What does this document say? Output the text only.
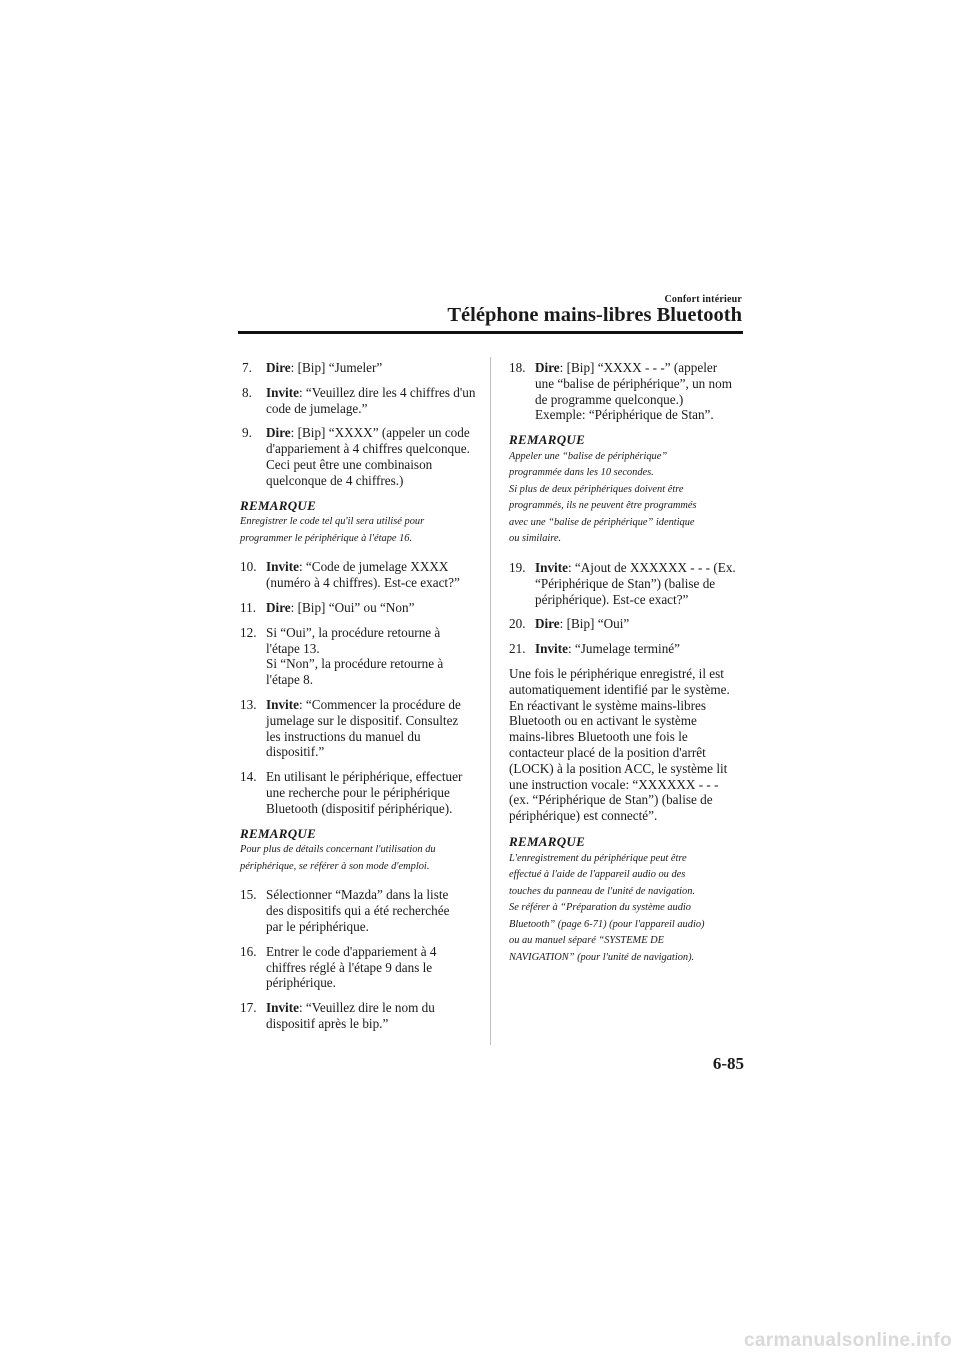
Confort intérieur
Téléphone mains-libres Bluetooth
7. Dire: [Bip] “Jumeler”
8. Invite: “Veuillez dire les 4 chiffres d'un
code de jumelage.”
9. Dire: [Bip] “XXXX” (appeler un code
d'appariement à 4 chiffres quelconque.
Ceci peut être une combinaison
quelconque de 4 chiffres.)
REMARQUE
Enregistrer le code tel qu'il sera utilisé pour
programmer le périphérique à l'étape 16.
10. Invite: “Code de jumelage XXXX
(numéro à 4 chiffres). Est-ce exact?”
11. Dire: [Bip] “Oui” ou “Non”
12. Si “Oui”, la procédure retourne à
l'étape 13.
Si “Non”, la procédure retourne à
l'étape 8.
13. Invite: “Commencer la procédure de
jumelage sur le dispositif. Consultez
les instructions du manuel du
dispositif.”
14. En utilisant le périphérique, effectuer
une recherche pour le périphérique
Bluetooth (dispositif périphérique).
REMARQUE
Pour plus de détails concernant l'utilisation du
périphérique, se référer à son mode d'emploi.
15. Sélectionner “Mazda” dans la liste
des dispositifs qui a été recherchée
par le périphérique.
16. Entrer le code d'appariement à 4
chiffres réglé à l'étape 9 dans le
périphérique.
17. Invite: “Veuillez dire le nom du
dispositif après le bip.”
18. Dire: [Bip] “XXXX - - -” (appeler
une “balise de périphérique”, un nom
de programme quelconque.)
Exemple: “Périphérique de Stan”.
REMARQUE
Appeler une “balise de périphérique”
programmée dans les 10 secondes.
Si plus de deux périphériques doivent être
programmés, ils ne peuvent être programmés
avec une “balise de périphérique” identique
ou similaire.
19. Invite: “Ajout de XXXXXX - - - (Ex.
“Périphérique de Stan”) (balise de
périphérique). Est-ce exact?”
20. Dire: [Bip] “Oui”
21. Invite: “Jumelage terminé”
Une fois le périphérique enregistré, il est
automatiquement identifié par le système.
En réactivant le système mains-libres
Bluetooth ou en activant le système
mains-libres Bluetooth une fois le
contacteur placé de la position d'arrêt
(LOCK) à la position ACC, le système lit
une instruction vocale: “XXXXXX - - -
(ex. “Périphérique de Stan”) (balise de
périphérique) est connecté”.
REMARQUE
L'enregistrement du périphérique peut être
effectué à l'aide de l'appareil audio ou des
touches du panneau de l'unité de navigation.
Se référer à “Préparation du système audio
Bluetooth” (page 6-71) (pour l'appareil audio)
ou au manuel séparé “SYSTEME DE
NAVIGATION” (pour l'unité de navigation).
6-85
carmanualsonline.info
